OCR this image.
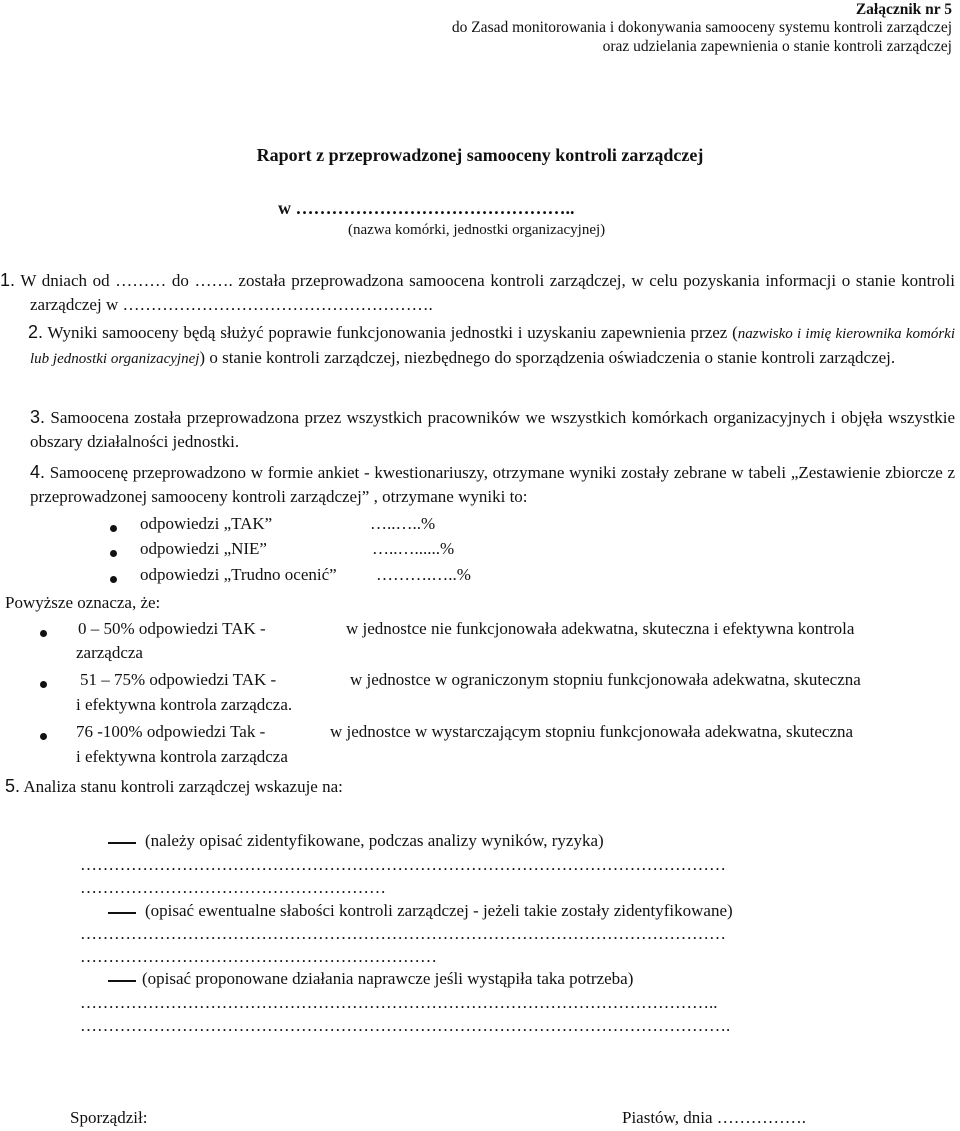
Załącznik nr 5
do Zasad monitorowania i dokonywania samooceny systemu kontroli zarządczej
oraz udzielania zapewnienia o stanie kontroli zarządczej
Raport z przeprowadzonej samooceny kontroli zarządczej
w ………………………………………..
(nazwa komórki, jednostki organizacyjnej)
1. W dniach od ……… do ……. została przeprowadzona samoocena kontroli zarządczej, w celu pozyskania informacji o stanie kontroli zarządczej w ……………………………………………….
2. Wyniki samooceny będą służyć poprawie funkcjonowania jednostki i uzyskaniu zapewnienia przez (nazwisko i imię kierownika komórki lub jednostki organizacyjnej) o stanie kontroli zarządczej, niezbędnego do sporządzenia oświadczenia o stanie kontroli zarządczej.
3. Samoocena została przeprowadzona przez wszystkich pracowników we wszystkich komórkach organizacyjnych i objęła wszystkie obszary działalności jednostki.
4. Samoocenę przeprowadzono w formie ankiet - kwestionariuszy, otrzymane wyniki zostały zebrane w tabeli „Zestawienie zbiorcze z przeprowadzonej samooceny kontroli zarządczej” , otrzymane wyniki to:
odpowiedzi „TAK”	…..…..%
odpowiedzi „NIE”	…..…......%
odpowiedzi „Trudno ocenić” ……….…..%
Powyższe oznacza, że:
0 – 50% odpowiedzi TAK -	w jednostce nie funkcjonowała adekwatna, skuteczna i efektywna kontrola
zarządcza
51 – 75% odpowiedzi TAK -	w jednostce w ograniczonym stopniu funkcjonowała adekwatna, skuteczna
i efektywna kontrola zarządcza.
76 -100% odpowiedzi Tak -	w jednostce w wystarczającym stopniu funkcjonowała adekwatna, skuteczna
i efektywna kontrola zarządcza
5. Analiza stanu kontroli zarządczej wskazuje na:
(należy opisać zidentyfikowane, podczas analizy wyników, ryzyka)
……………………………………………………………………………………………………
………………………………………………
(opisać ewentualne słabości kontroli zarządczej - jeżeli takie zostały zidentyfikowane)
……………………………………………………………………………………………………
………………………………………………………
(opisać proponowane działania naprawcze jeśli wystąpiła taka potrzeba)
…………………………………………………………………………………………………..
…………………………………………………………………………………………………….
Sporządził:	Piastów, dnia …………….
